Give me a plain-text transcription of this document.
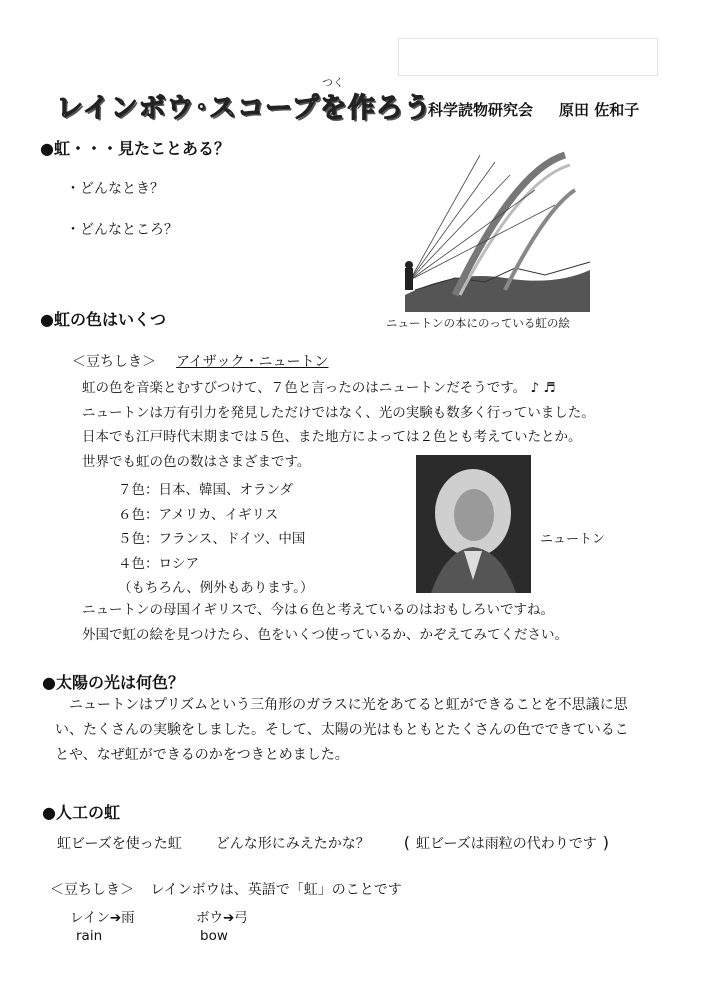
つく
レインボウ･スコープを作ろう
科学読物研究会 原田 佐和子
●虹・・・見たことある？
・どんなとき？
・どんなところ？
ニュートンの本にのっている虹の絵
●虹の色はいくつ
＜豆ちしき＞ アイザック・ニュートン
虹の色を音楽とむすびつけて、７色と言ったのはニュートンだそうです。 ♪ ♬
ニュートンは万有引力を発見しただけではなく、光の実験も数多く行っていました。
日本でも江戸時代末期までは５色、また地方によっては２色とも考えていたとか。
世界でも虹の色の数はさまざまです。
７色：日本、韓国、オランダ
６色：アメリカ、イギリス
５色：フランス、ドイツ、中国
４色：ロシア
（もちろん、例外もあります。）
ニュートン
ニュートンの母国イギリスで、今は６色と考えているのはおもしろいですね。
外国で虹の絵を見つけたら、色をいくつ使っているか、かぞえてみてください。
●太陽の光は何色？
ニュートンはプリズムという三角形のガラスに光をあてると虹ができることを不思議に思
い、たくさんの実験をしました。そして、太陽の光はもともとたくさんの色でできているこ
とや、なぜ虹ができるのかをつきとめました。
●人工の虹
虹ビーズを使った虹 どんな形にみえたかな？ ( 虹ビーズは雨粒の代わりです )
＜豆ちしき＞ レインボウは、英語で「虹」のことです
レイン➔雨	ボウ➔弓
rain	bow
